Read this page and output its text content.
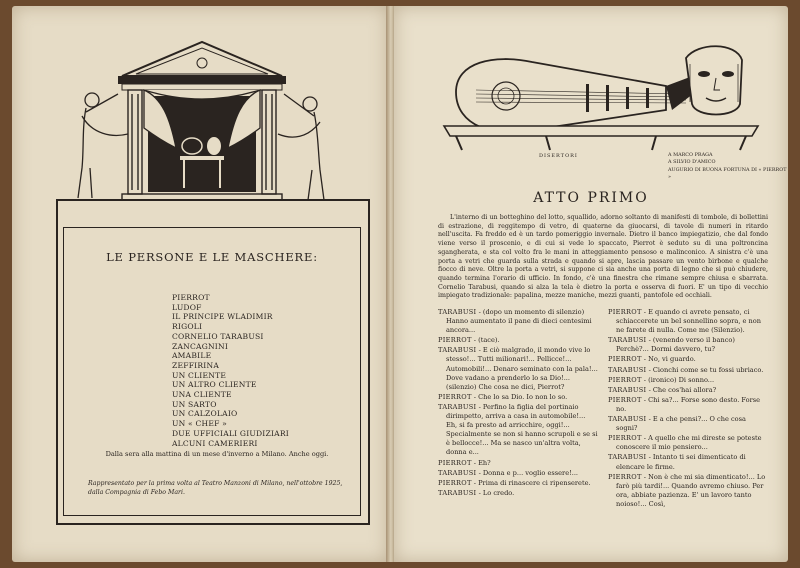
LE PERSONE E LE MASCHERE:
PIERROT
LUDOF
IL PRINCIPE WLADIMIR
RIGOLI
CORNELIO TARABUSI
ZANCAGNINI
AMABILE
ZEFFIRINA
UN CLIENTE
UN ALTRO CLIENTE
UNA CLIENTE
UN SARTO
UN CALZOLAIO
UN « CHEF »
DUE UFFICIALI GIUDIZIARI
ALCUNI CAMERIERI
Dalla sera alla mattina di un mese d'inverno a Milano. Anche oggi.
Rappresentato per la prima volta al Teatro Manzoni di Milano, nell'ottobre 1925, dalla Compagnia di Febo Mari.
DISERTORI	A MARCO PRAGA
A SILVIO D'AMICO
AUGURIO DI BUONA FORTUNA DI « PIERROT »
ATTO PRIMO

L'interno di un botteghino del lotto, squallido, adorno soltanto di manifesti di tombole, di bollettini di estrazione, di reggitempo di vetro, di quaterne da giuocarsi, di tavole di numeri in ritardo nell'uscita. Fa freddo ed è un tardo pomeriggio invernale. Dietro il banco impiegatizio, che dal fondo viene verso il proscenio, e di cui si vede lo spaccato, Pierrot è seduto su di una poltroncina sgangherata, e sta col volto fra le mani in atteggiamento pensoso e malinconico. A sinistra c'è una porta a vetri che guarda sulla strada e quando si apre, lascia passare un vento birbone e qualche fiocco di neve. Oltre la porta a vetri, si suppone ci sia anche una porta di legno che si può chiudere, quando termina l'orario di ufficio. In fondo, c'è una finestra che rimane sempre chiusa e sbarrata. Cornelio Tarabusi, quando si alza la tela è dietro la porta e osserva di fuori. E' un tipo di vecchio impiegato tradizionale: papalina, mezze maniche, mezzi guanti, pantofole ed occhiali.

TARABUSI - (dopo un momento di silenzio) Hanno aumentato il pane di dieci centesimi ancora...

PIERROT - (tace).

TARABUSI - E ciò malgrado, il mondo vive lo stesso!... Tutti milionari!... Pellicce!... Automobili!... Denaro seminato con la pala!... Dove vadano a prenderlo lo sa Dio!... (silenzio) Che cosa ne dici, Pierrot?

PIERROT - Che lo sa Dio. Io non lo so.

TARABUSI - Perfino la figlia del portinaio dirimpetto, arriva a casa in automobile!... Eh, si fa presto ad arricchire, oggi!... Specialmente se non si hanno scrupoli e se si è bellocce!... Ma se nasco un'altra volta, donna e...

PIERROT - Eh?

TARABUSI - Donna e p... voglio essere!...

PIERROT - Prima di rinascere ci ripenserete.

TARABUSI - Lo credo.

PIERROT - E quando ci avrete pensato, ci schiaccerete un bel sonnellino sopra, e non ne farete di nulla. Come me (Silenzio).

TARABUSI - (venendo verso il banco) Perchè?... Dormi davvero, tu?

PIERROT - No, vi guardo.

TARABUSI - Cionchi come se tu fossi ubriaco.

PIERROT - (ironico) Di sonno...

TARABUSI - Che cos'hai allora?

PIERROT - Chi sa?... Forse sono desto. Forse no.

TARABUSI - E a che pensi?... O che cosa sogni?

PIERROT - A quello che mi direste se poteste conoscere il mio pensiero...

TARABUSI - Intanto ti sei dimenticato di elencare le firme.

PIERROT - Non è che mi sia dimenticato!... Lo farò più tardi!... Quando avremo chiuso. Per ora, abbiate pazienza. E' un lavoro tanto noioso!... Così,
